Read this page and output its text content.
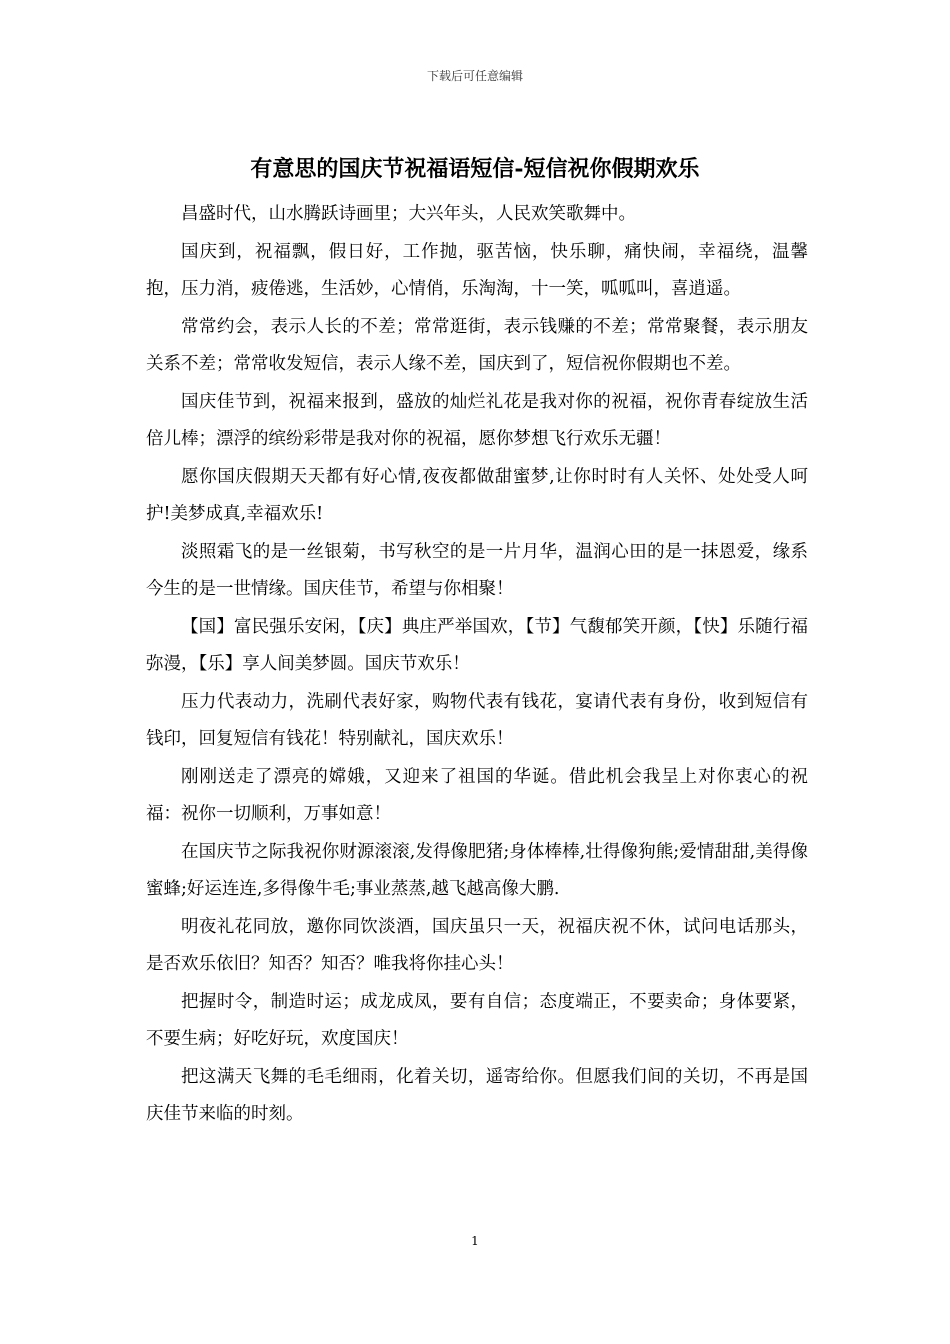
下载后可任意编辑
有意思的国庆节祝福语短信-短信祝你假期欢乐

昌盛时代，山水腾跃诗画里；大兴年头，人民欢笑歌舞中。

国庆到，祝福飘，假日好，工作抛，驱苦恼，快乐聊，痛快闹，幸福绕，温馨抱，压力消，疲倦逃，生活妙，心情俏，乐淘淘，十一笑，呱呱叫，喜逍遥。

常常约会，表示人长的不差；常常逛街，表示钱赚的不差；常常聚餐，表示朋友关系不差；常常收发短信，表示人缘不差，国庆到了，短信祝你假期也不差。

国庆佳节到，祝福来报到，盛放的灿烂礼花是我对你的祝福，祝你青春绽放生活倍儿棒；漂浮的缤纷彩带是我对你的祝福，愿你梦想飞行欢乐无疆！

愿你国庆假期天天都有好心情,夜夜都做甜蜜梦,让你时时有人关怀、处处受人呵护!美梦成真,幸福欢乐!

淡照霜飞的是一丝银菊，书写秋空的是一片月华，温润心田的是一抹恩爱，缘系今生的是一世情缘。国庆佳节，希望与你相聚！

【国】富民强乐安闲，【庆】典庄严举国欢，【节】气馥郁笑开颜，【快】乐随行福弥漫，【乐】享人间美梦圆。国庆节欢乐！

压力代表动力，洗刷代表好家，购物代表有钱花，宴请代表有身份，收到短信有钱印，回复短信有钱花！特别献礼，国庆欢乐！

刚刚送走了漂亮的嫦娥，又迎来了祖国的华诞。借此机会我呈上对你衷心的祝福：祝你一切顺利，万事如意！

在国庆节之际我祝你财源滚滚,发得像肥猪;身体棒棒,壮得像狗熊;爱情甜甜,美得像蜜蜂;好运连连,多得像牛毛;事业蒸蒸,越飞越高像大鹏.

明夜礼花同放，邀你同饮淡酒，国庆虽只一天，祝福庆祝不休，试问电话那头，是否欢乐依旧？知否？知否？唯我将你挂心头！

把握时令，制造时运；成龙成凤，要有自信；态度端正，不要卖命；身体要紧，不要生病；好吃好玩，欢度国庆！

把这满天飞舞的毛毛细雨，化着关切，遥寄给你。但愿我们间的关切，不再是国庆佳节来临的时刻。

1
